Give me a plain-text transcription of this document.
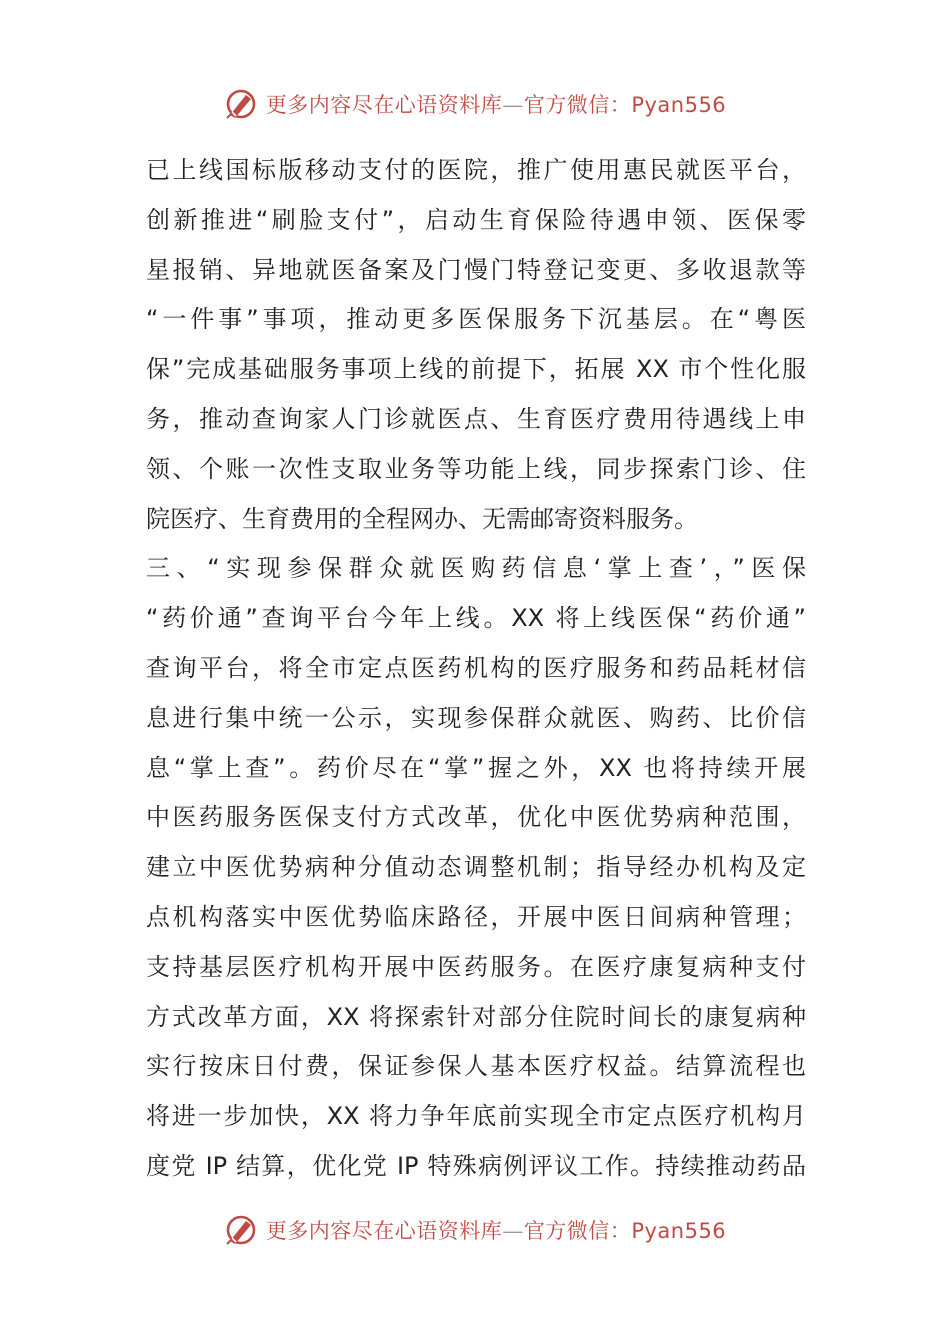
更多内容尽在心语资料库—官方微信：Pyan556
已上线国标版移动支付的医院，推广使用惠民就医平台，
创新推进“刷脸支付”，启动生育保险待遇申领、医保零
星报销、异地就医备案及门慢门特登记变更、多收退款等
“一件事”事项，推动更多医保服务下沉基层。在“粤医
保”完成基础服务事项上线的前提下，拓展 XX 市个性化服
务，推动查询家人门诊就医点、生育医疗费用待遇线上申
领、个账一次性支取业务等功能上线，同步探索门诊、住
院医疗、生育费用的全程网办、无需邮寄资料服务。
三、“实现参保群众就医购药信息‘掌上查’，”医保
“药价通”查询平台今年上线。XX 将上线医保“药价通”
查询平台，将全市定点医药机构的医疗服务和药品耗材信
息进行集中统一公示，实现参保群众就医、购药、比价信
息“掌上查”。药价尽在“掌”握之外，XX 也将持续开展
中医药服务医保支付方式改革，优化中医优势病种范围，
建立中医优势病种分值动态调整机制；指导经办机构及定
点机构落实中医优势临床路径，开展中医日间病种管理；
支持基层医疗机构开展中医药服务。在医疗康复病种支付
方式改革方面，XX 将探索针对部分住院时间长的康复病种
实行按床日付费，保证参保人基本医疗权益。结算流程也
将进一步加快，XX 将力争年底前实现全市定点医疗机构月
度党 IP 结算，优化党 IP 特殊病例评议工作。持续推动药品
更多内容尽在心语资料库—官方微信：Pyan556
